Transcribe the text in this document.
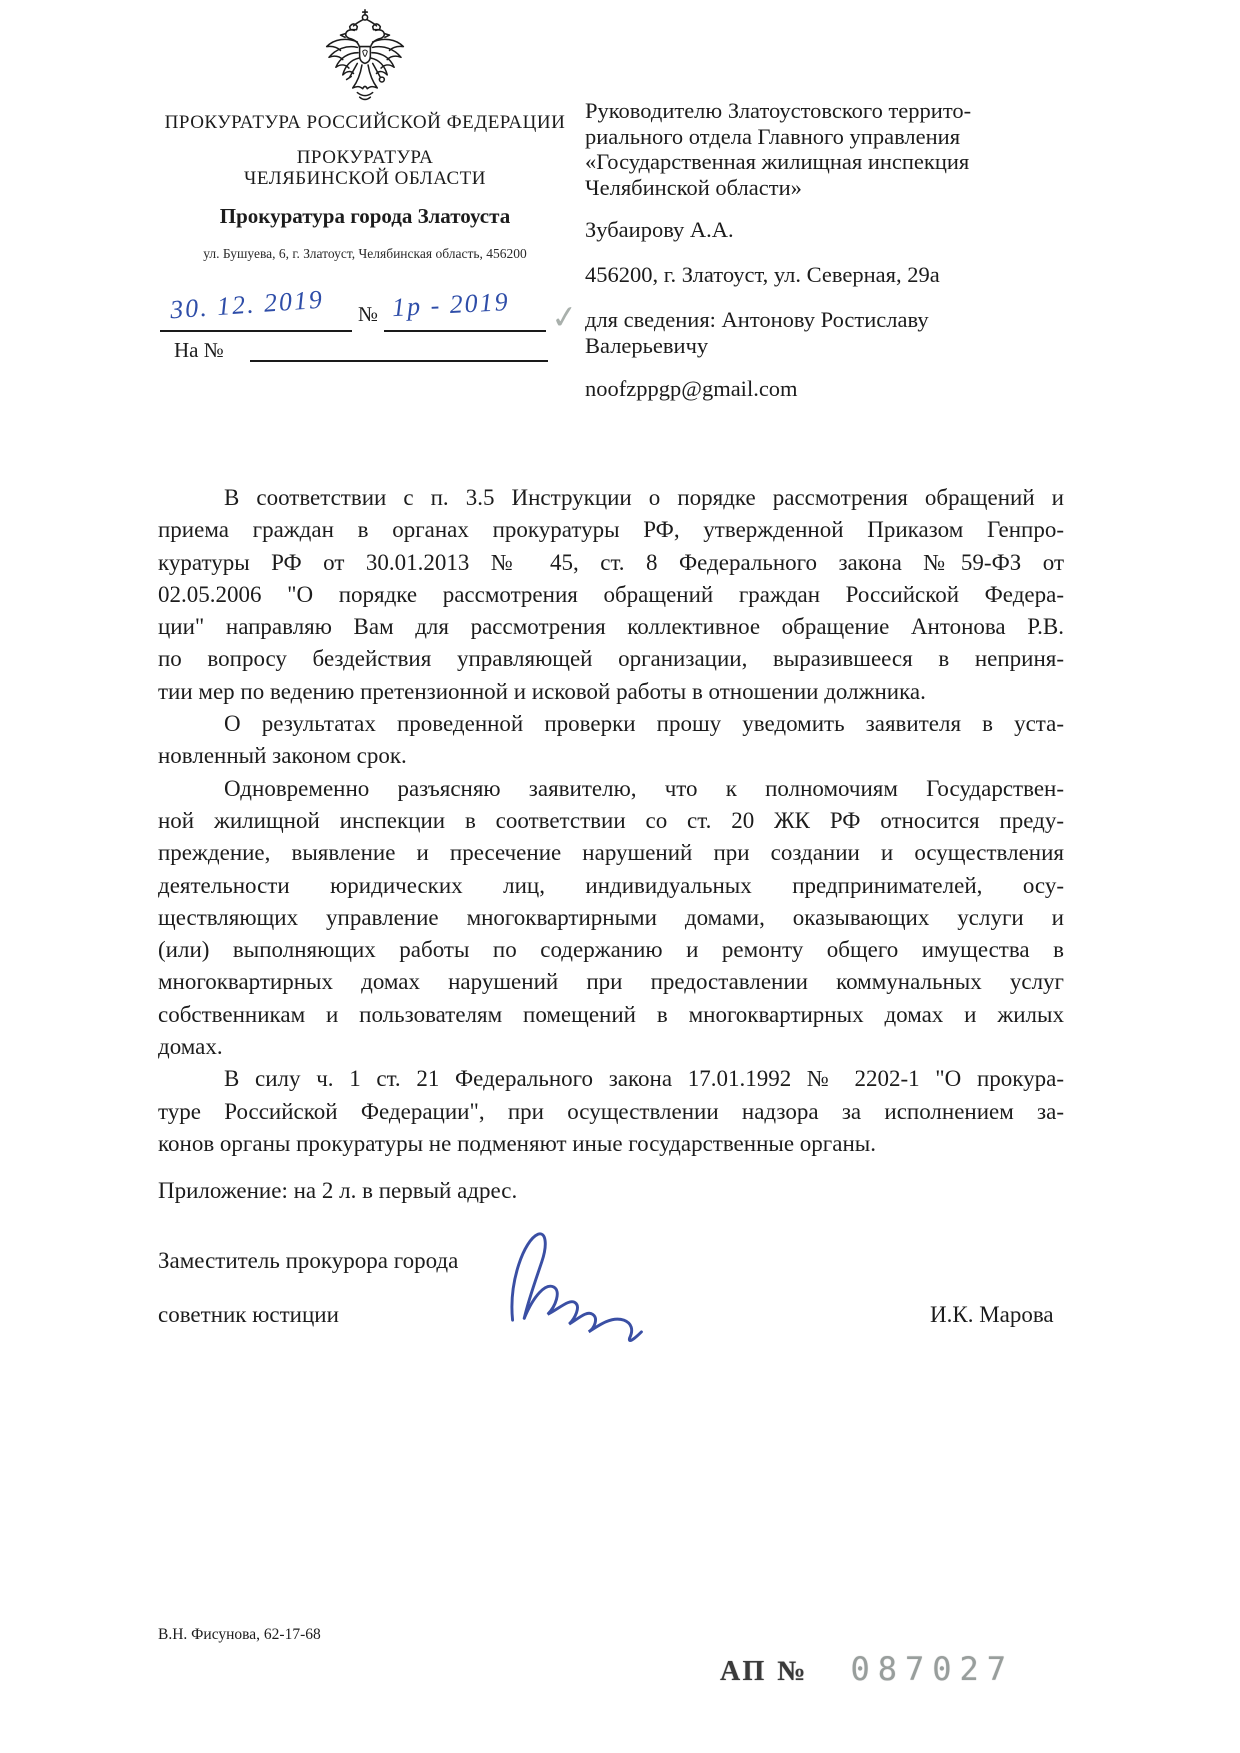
ПРОКУРАТУРА РОССИЙСКОЙ ФЕДЕРАЦИИ
ПРОКУРАТУРА
ЧЕЛЯБИНСКОЙ ОБЛАСТИ
Прокуратура города Златоуста
ул. Бушуева, 6, г. Златоуст, Челябинская область, 456200
30. 12. 2019 № 1р - 2019
На №
✓
Руководителю Златоустовского террито-
риального отдела Главного управления
«Государственная жилищная инспекция
Челябинской области»
Зубаирову А.А.
456200, г. Златоуст, ул. Северная, 29а
для сведения: Антонову Ростиславу
Валерьевичу
noofzppgp@gmail.com
В соответствии с п. 3.5 Инструкции о порядке рассмотрения обращений и
приема граждан в органах прокуратуры РФ, утвержденной Приказом Генпро-
куратуры РФ от 30.01.2013 № 45, ст. 8 Федерального закона №59-ФЗ от
02.05.2006 "О порядке рассмотрения обращений граждан Российской Федера-
ции" направляю Вам для рассмотрения коллективное обращение Антонова Р.В.
по вопросу бездействия управляющей организации, выразившееся в неприня-
тии мер по ведению претензионной и исковой работы в отношении должника.
О результатах проведенной проверки прошу уведомить заявителя в уста-
новленный законом срок.
Одновременно разъясняю заявителю, что к полномочиям Государствен-
ной жилищной инспекции в соответствии со ст. 20 ЖК РФ относится преду-
преждение, выявление и пресечение нарушений при создании и осуществления
деятельности юридических лиц, индивидуальных предпринимателей, осу-
ществляющих управление многоквартирными домами, оказывающих услуги и
(или) выполняющих работы по содержанию и ремонту общего имущества в
многоквартирных домах нарушений при предоставлении коммунальных услуг
собственникам и пользователям помещений в многоквартирных домах и жилых
домах.
В силу ч. 1 ст. 21 Федерального закона 17.01.1992 № 2202-1 "О прокура-
туре Российской Федерации", при осуществлении надзора за исполнением за-
конов органы прокуратуры не подменяют иные государственные органы.
Приложение: на 2 л. в первый адрес.
Заместитель прокурора города
советник юстиции	И.К. Марова
В.Н. Фисунова, 62-17-68
АП № 087027
